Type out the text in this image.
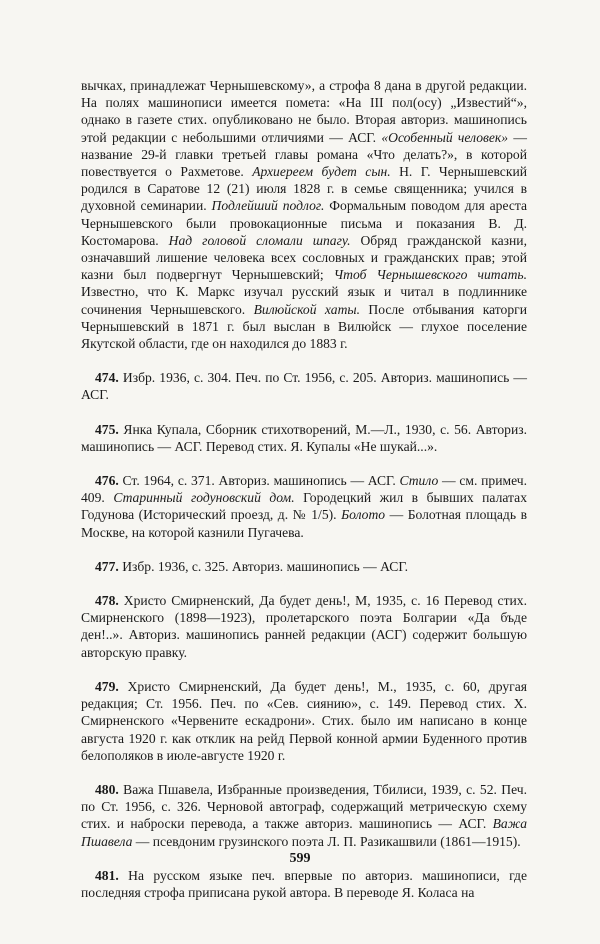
вычках, принадлежат Чернышевскому», а строфа 8 дана в другой редакции. На полях машинописи имеется помета: «На III пол(осу) „Известий“», однако в газете стих. опубликовано не было. Вторая авториз. машинопись этой редакции с небольшими отличиями — АСГ. «Особенный человек» — название 29-й главки третьей главы романа «Что делать?», в которой повествуется о Рахметове. Архиереем будет сын. Н. Г. Чернышевский родился в Саратове 12 (21) июля 1828 г. в семье священника; учился в духовной семинарии. Подлейший подлог. Формальным поводом для ареста Чернышевского были провокационные письма и показания В. Д. Костомарова. Над головой сломали шпагу. Обряд гражданской казни, означавший лишение человека всех сословных и гражданских прав; этой казни был подвергнут Чернышевский; Чтоб Чернышевского читать. Известно, что К. Маркс изучал русский язык и читал в подлиннике сочинения Чернышевского. Вилюйской хаты. После отбывания каторги Чернышевский в 1871 г. был выслан в Вилюйск — глухое поселение Якутской области, где он находился до 1883 г.

474. Избр. 1936, с. 304. Печ. по Ст. 1956, с. 205. Авториз. машинопись — АСГ.

475. Янка Купала, Сборник стихотворений, М.—Л., 1930, с. 56. Авториз. машинопись — АСГ. Перевод стих. Я. Купалы «Не шукай...».

476. Ст. 1964, с. 371. Авториз. машинопись — АСГ. Стило — см. примеч. 409. Старинный годуновский дом. Городецкий жил в бывших палатах Годунова (Исторический проезд, д. № 1/5). Болото — Болотная площадь в Москве, на которой казнили Пугачева.

477. Избр. 1936, с. 325. Авториз. машинопись — АСГ.

478. Христо Смирненский, Да будет день!, М, 1935, с. 16 Перевод стих. Смирненского (1898—1923), пролетарского поэта Болгарии «Да бъде ден!..». Авториз. машинопись ранней редакции (АСГ) содержит большую авторскую правку.

479. Христо Смирненский, Да будет день!, М., 1935, с. 60, другая редакция; Ст. 1956. Печ. по «Сев. сиянию», с. 149. Перевод стих. Х. Смирненского «Червените ескадрони». Стих. было им написано в конце августа 1920 г. как отклик на рейд Первой конной армии Буденного против белополяков в июле-августе 1920 г.

480. Важа Пшавела, Избранные произведения, Тбилиси, 1939, с. 52. Печ. по Ст. 1956, с. 326. Черновой автограф, содержащий метрическую схему стих. и наброски перевода, а также авториз. машинопись — АСГ. Важа Пшавела — псевдоним грузинского поэта Л. П. Разикашвили (1861—1915).

481. На русском языке печ. впервые по авториз. машинописи, где последняя строфа приписана рукой автора. В переводе Я. Коласа на

599
